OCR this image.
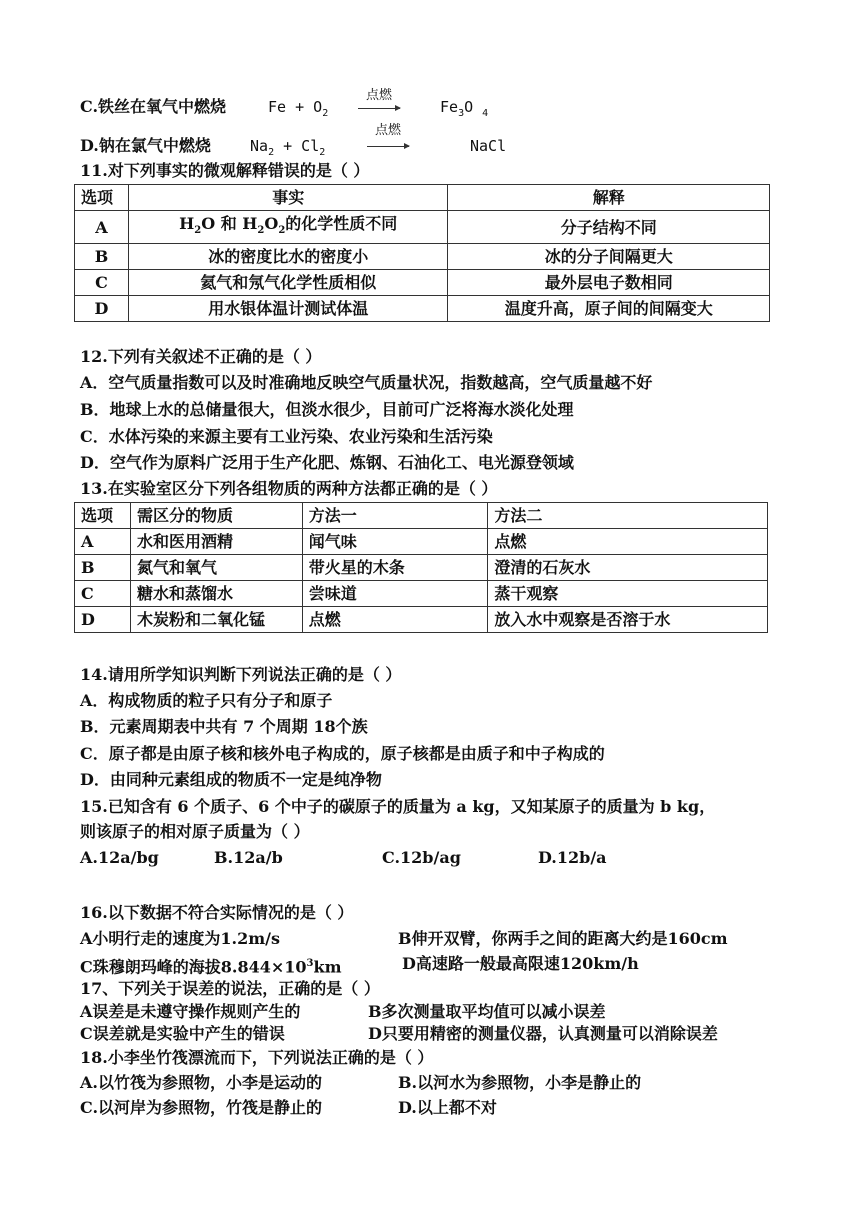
C.铁丝在氧气中燃烧	$Fe + O_2$
点燃
$Fe_3O$ $_4$
D.钠在氯气中燃烧	$Na_2 + Cl_2$
点燃
NaCl
11.对下列事实的微观解释错误的是（ ）
选项	事实	解释
A	$H_2O$ 和 $H_2O_2$的化学性质不同	分子结构不同
B	冰的密度比水的密度小	冰的分子间隔更大
C	氦气和氖气化学性质相似	最外层电子数相同
D	用水银体温计测试体温	温度升高，原子间的间隔变大
12.下列有关叙述不正确的是（ ）
A．空气质量指数可以及时准确地反映空气质量状况，指数越高，空气质量越不好
B．地球上水的总储量很大，但淡水很少，目前可广泛将海水淡化处理
C．水体污染的来源主要有工业污染、农业污染和生活污染
D．空气作为原料广泛用于生产化肥、炼钢、石油化工、电光源登领域
13.在实验室区分下列各组物质的两种方法都正确的是（ ）
选项	需区分的物质	方法一	方法二
A	水和医用酒精	闻气味	点燃
B	氮气和氧气	带火星的木条	澄清的石灰水
C	糖水和蒸馏水	尝味道	蒸干观察
D	木炭粉和二氧化锰	点燃	放入水中观察是否溶于水
14.请用所学知识判断下列说法正确的是（ ）
A．构成物质的粒子只有分子和原子
B．元素周期表中共有 7 个周期 18个族
C．原子都是由原子核和核外电子构成的，原子核都是由质子和中子构成的
D．由同种元素组成的物质不一定是纯净物
15.已知含有 6 个质子、6 个中子的碳原子的质量为 a kg，又知某原子的质量为 b kg，
则该原子的相对原子质量为（ ）
A.12a/bg	B.12a/b	C.12b/ag	D.12b/a
16.以下数据不符合实际情况的是（ ）
A小明行走的速度为1.2m/s	B伸开双臂，你两手之间的距离大约是160cm
C珠穆朗玛峰的海拔$8.844\times 10^3km$	D高速路一般最高限速120km/h
17、下列关于误差的说法，正确的是（ ）
A误差是未遵守操作规则产生的	B多次测量取平均值可以减小误差
C误差就是实验中产生的错误	D只要用精密的测量仪器，认真测量可以消除误差
18.小李坐竹筏漂流而下，下列说法正确的是（ ）
A.以竹筏为参照物，小李是运动的	B.以河水为参照物，小李是静止的
C.以河岸为参照物，竹筏是静止的	D.以上都不对
